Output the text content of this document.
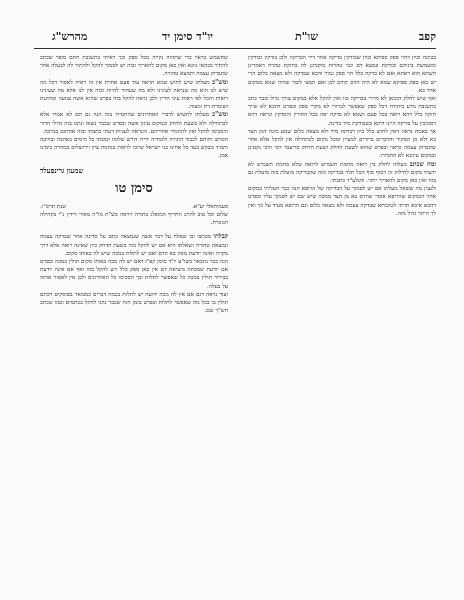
קפב
שו"ת
יו"ד סימן יד
מהרש"ג

בכוונה וכיון דהוי ספק ספיקא וכיון שבודקין בדיקה אחר דיר הבדיקה ולכן בודקין ובודקין ומשמשת ביניהם ובודקת ונמצא דם וגבי טהרות מוקמינן לה בחזקת טהרה דאמרינן השתא הוא דאתא ואם לא בדקה כלל הוי ספק גמור והכא שבדקה ולא מצאה כלום הרי יש כאן ספק ספיקא שמא לא היה הדם קודם לכן ואם תמצי לומר שהיה שמא ממקום אחר בא.

ואף שיש לחלק דבכאן לא מיירי בבדיקה כזו ואין להקל אלא במקום צורך גדול וכבר כתב בתשובת נודע ביהודה דכל ספק שאפשר לברורי לא מקרי ספק ובפרט דהכא לא שייך חזקה כלל דהא רואה בכל פעם ושמא לא בדקה יפה בכל החורין והסדקין ונראה דהא דסומכין על בדיקה היינו דוקא כשבודקת מיד כדינה.

אך באמת נראה דאין לחוש כלל כיון דבדקה מיד ולא מצאה כלום שמע מינה דמן הצד בא ולא מן המקור והדברים ברורים למעיין ומכל מקום לכתחילה אין להקל אלא אחר שתבדוק עצמה כראוי ובפרט שהוא לשעת הדחק ושעת הדחק כדיעבד דמי והכי נקטינן ובמקום עיגונא לא החמירו.

ומה שכתב מעלתו לחלק בין רואה מחמת תשמיש לרואה שלא מחמת תשמיש לא ידעתי מקום לחילוק זה דסוף סוף הכל תלוי בבדיקה ומה שהבדיקה מועלת בזה מועלת גם בזה ואין כאן מקום להאריך יותר. והנלע"ד כתבתי.

ולענין מה ששאל מעלתו אם יש לסמוך על הבדיקה של הרופא הנה כבר העליתי במקום אחר דבמקום שהרופא אומר שהדם בא מן הצד ממכה שיש שם יש לסמוך עליו ובפרט דהכא איכא תרתי לטיבותא שבדקה עצמה ולא מצאה כלום וגם הרופא מעיד על כך ואין לך היתר גדול מזה.

שתשמש כראוי כדי שתהיה נקייה מכל ספק וכך ראיתי בתשובת חתם סופר שכתב להתיר בכהאי גוונא ואין כאן מקום להאריך ובזה יש לסמוך להקל ולהתיר לה לבעלה אחר שתבדוק עצמה ותמצא טהורה.

ומש"כ מעלתו שיש לחוש שמא תראה עוד פעם אחרת אין זה ראיה לאסור דכל מה שיש לנו הוא מה שנראה לעינינו ולא מה שעתיד להיות ובזה אין לנו אלא מה שעינינו רואות והכל לפי ראות עיני הדיין ולכן נראה להקל בזה בפרט שהיא אשה צנועה ומהוגנת ושומרת דת ומצוה.

ומש"כ מעלתו לחשוש לדברי האחרונים שהחמירו בזה הנה גם הם לא אמרו אלא לכתחילה ולא בשעת הדחק ובמקום עיגון אשה ובפרט שכבר נשאו ונתנו בזה גדולי הדור והסכימו להקל ואין להחמיר אחריהם. והנראה לעניות דעתי כתבתי ובזה אחתום בברכה.

הכותב וחותם לכבוד התורה ולומדיה ידידו דורש שלומו וטובתו כל הימים באהבה ובחיבה ותמיד מבקש בעד כל אחינו בני ישראל שיזכו לראות בנחמת ציון וירושלים במהרה בימינו אמן.

שמעון גרינפעלד
סימן טו
סעמיהאלי יע"א.
שנת תרס"ו.
שלום וכל טוב להרב החריף המופלג בתורה ויראה כש"ת מו"ה מאיר זיידין נ"י בקהילה הנזכרת.

קבלתי מכתבו ובו שאלה על דבר אשה שנמצאה כתם על סדינה אחר שבדקה עצמה ונמצאת טהורה ושאלתו היא אם יש להקל בזה בשעת הדחק כיון שאינה רואה אלא דרך מקרה ואינה יודעת מאין בא הדם ואם יש לתלות במכה שיש לה באותו מקום.

הנה כבר נתבאר בשו"ע יו"ד סימן קפ"ז דאם יש לה מכה באותו מקום תולין במכה ובפרט אם יודעת שמכתה מוציאה דם אין כאן ספק כלל ויש להקל בזה ואף אם אינה יודעת בבירור תולין במכה כל שאפשר לתלות וכך הסכימו כל האחרונים ולכן אין לאסור אותה על בעלה.

ועוד נראה דגם אם אין לה מכה ידועה יש לתלות בכמה דברים כמבואר בפוסקים דכתם תולין בו בכל מה שאפשר לתלות ובפרט בזמן הזה שכבר נהגו להקל בכתמים וכמו שכתב הש"ך שם.
